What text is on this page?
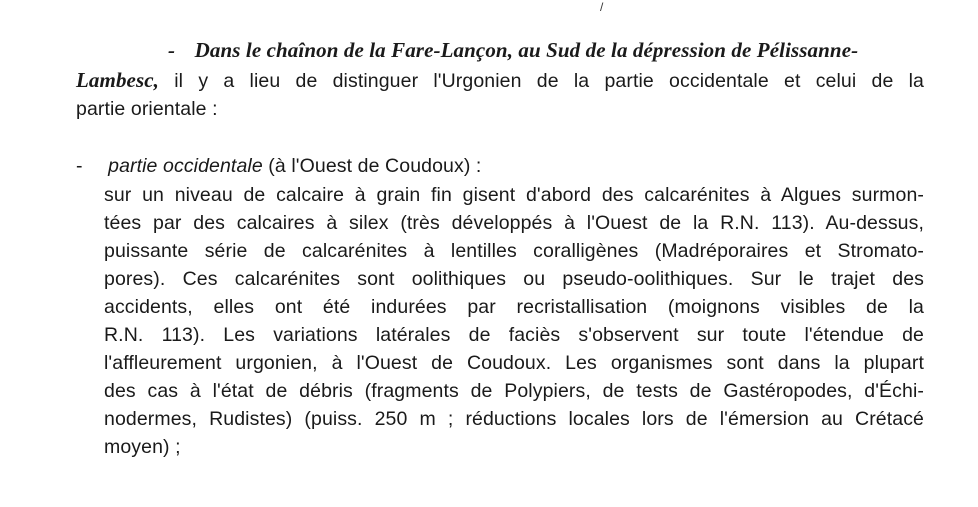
/
- Dans le chaînon de la Fare-Lançon, au Sud de la dépression de Pélissanne-
Lambesc, il y a lieu de distinguer l'Urgonien de la partie occidentale et celui de la
partie orientale :
- partie occidentale (à l'Ouest de Coudoux) :
sur un niveau de calcaire à grain fin gisent d'abord des calcarénites à Algues surmon-
tées par des calcaires à silex (très développés à l'Ouest de la R.N. 113). Au-dessus,
puissante série de calcarénites à lentilles coralligènes (Madréporaires et Stromato-
pores). Ces calcarénites sont oolithiques ou pseudo-oolithiques. Sur le trajet des
accidents, elles ont été indurées par recristallisation (moignons visibles de la
R.N. 113). Les variations latérales de faciès s'observent sur toute l'étendue de
l'affleurement urgonien, à l'Ouest de Coudoux. Les organismes sont dans la plupart
des cas à l'état de débris (fragments de Polypiers, de tests de Gastéropodes, d'Échi-
nodermes, Rudistes) (puiss. 250 m ; réductions locales lors de l'émersion au Crétacé
moyen) ;
